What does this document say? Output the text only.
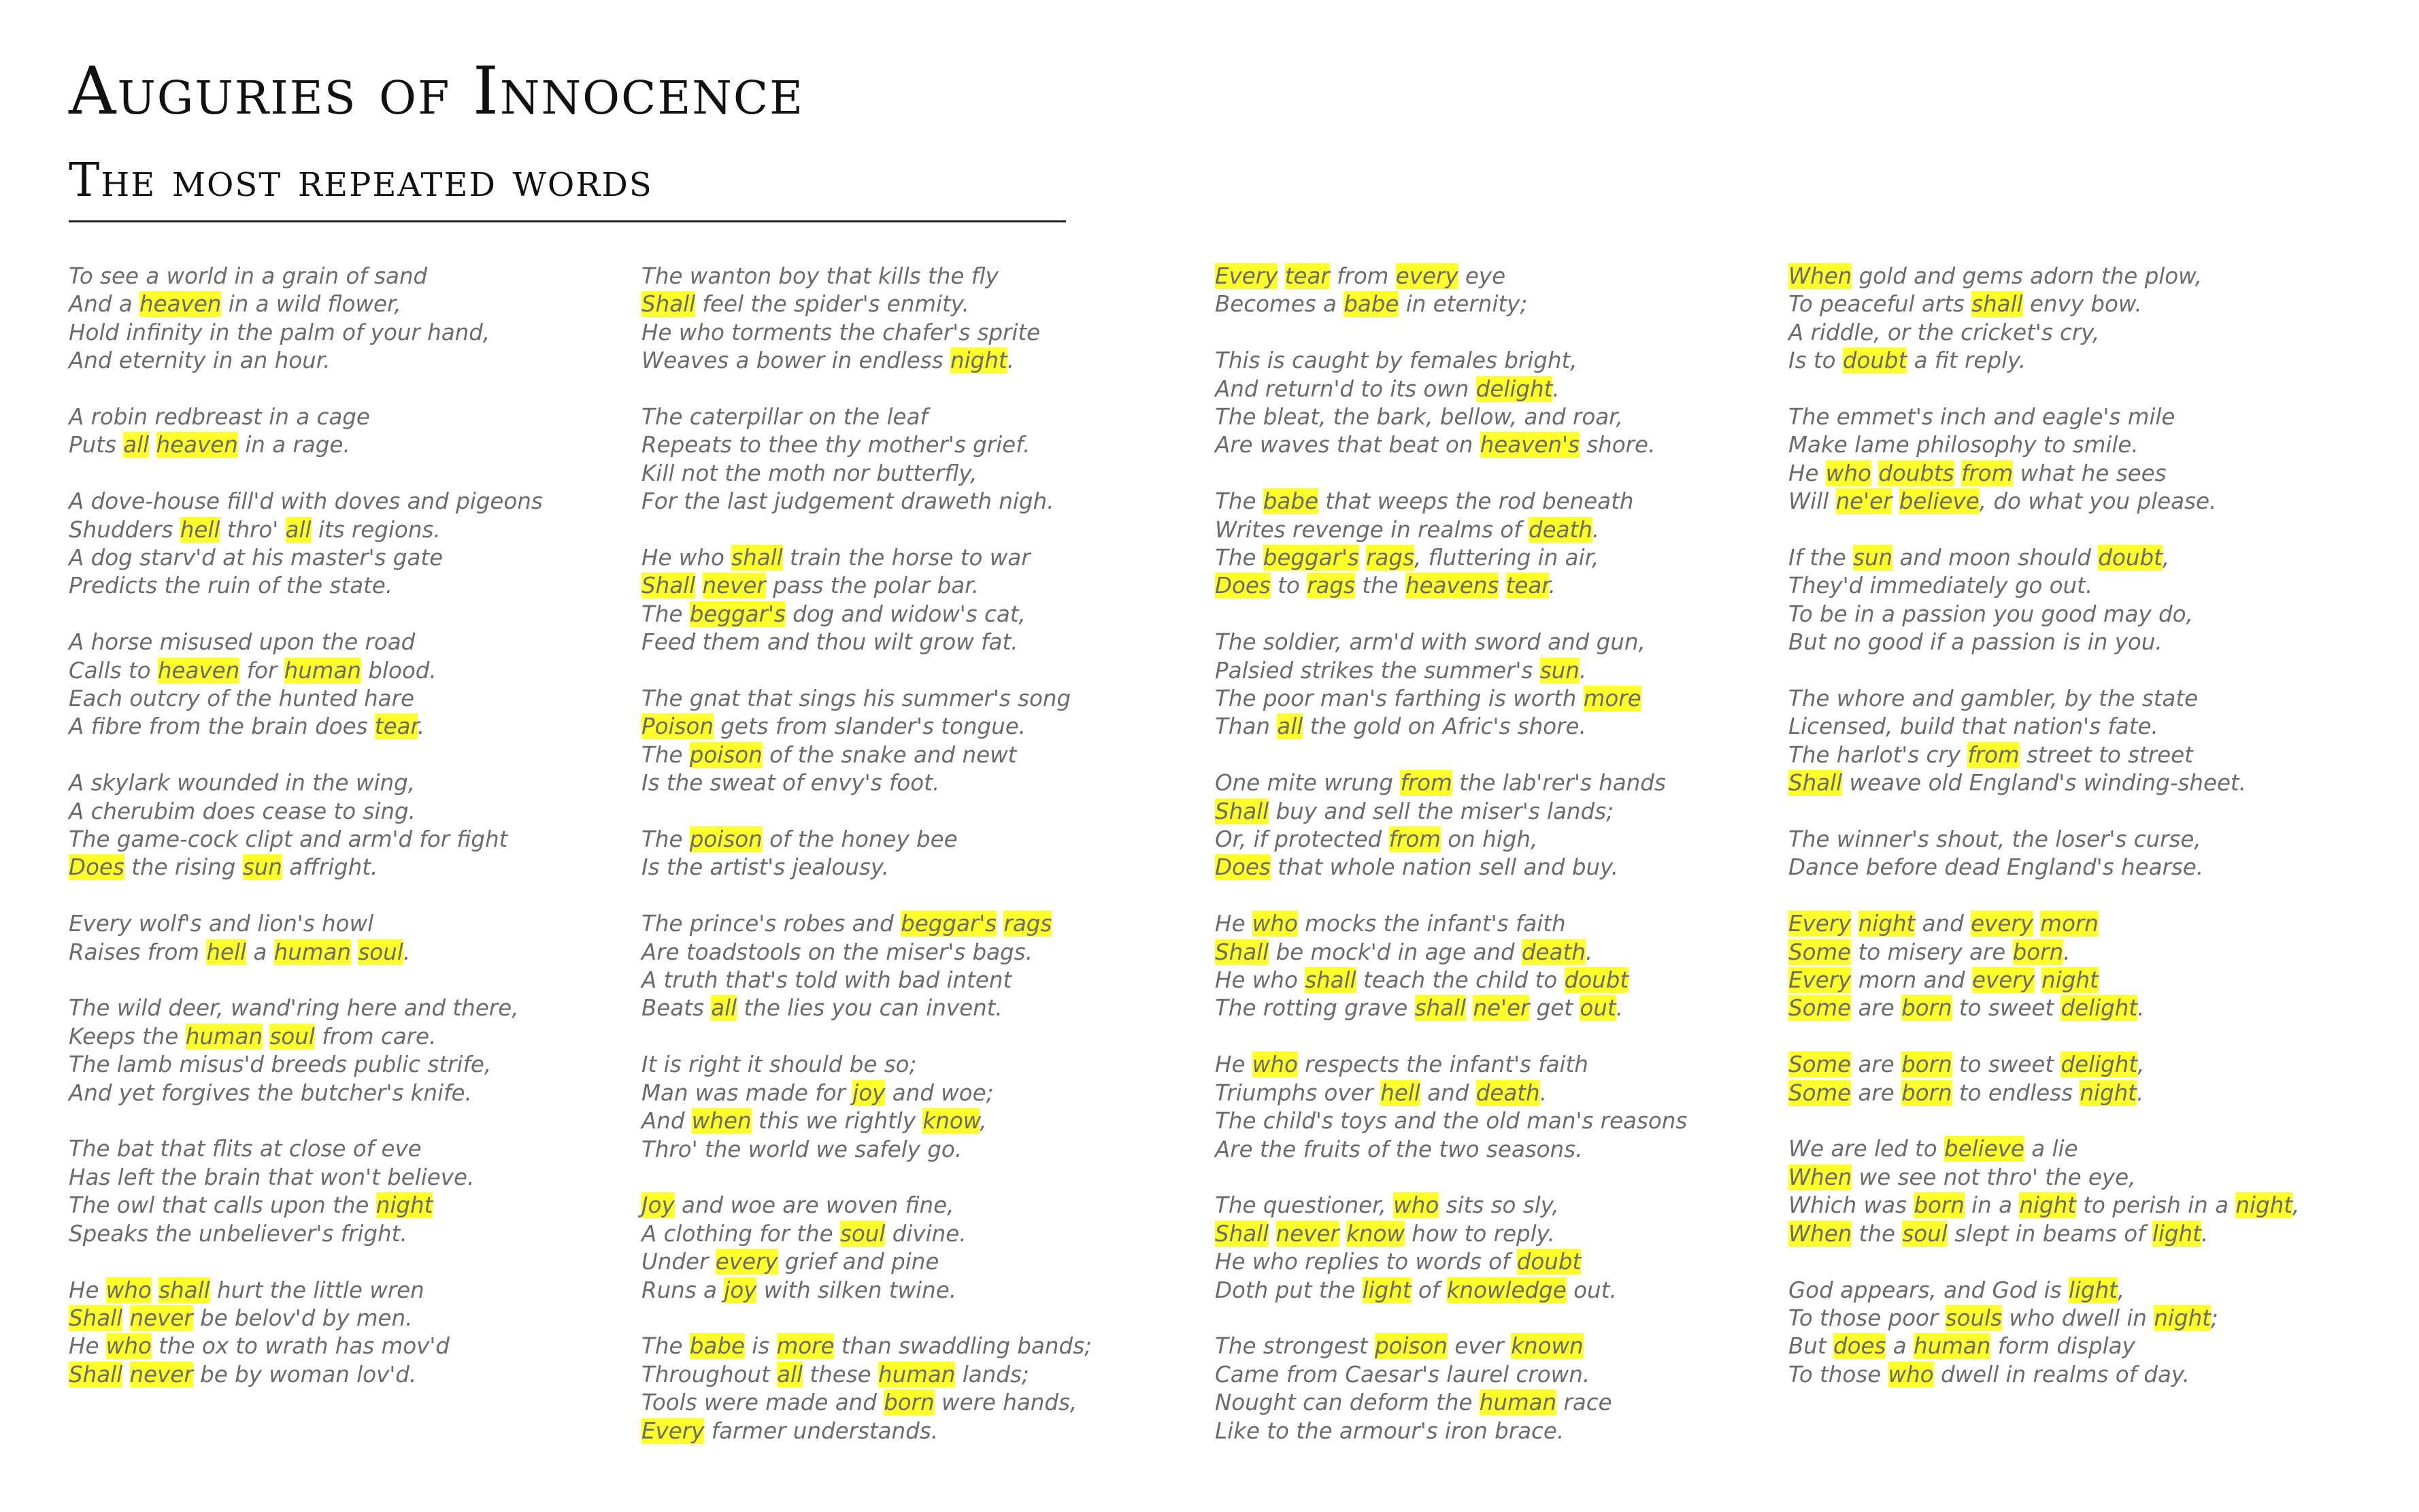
Auguries of Innocence
The most repeated words
To see a world in a grain of sand
And a heaven in a wild flower,
Hold infinity in the palm of your hand,
And eternity in an hour.
A robin redbreast in a cage
Puts all heaven in a rage.
A dove-house fill'd with doves and pigeons
Shudders hell thro' all its regions.
A dog starv'd at his master's gate
Predicts the ruin of the state.
A horse misused upon the road
Calls to heaven for human blood.
Each outcry of the hunted hare
A fibre from the brain does tear.
A skylark wounded in the wing,
A cherubim does cease to sing.
The game-cock clipt and arm'd for fight
Does the rising sun affright.
Every wolf's and lion's howl
Raises from hell a human soul.
The wild deer, wand'ring here and there,
Keeps the human soul from care.
The lamb misus'd breeds public strife,
And yet forgives the butcher's knife.
The bat that flits at close of eve
Has left the brain that won't believe.
The owl that calls upon the night
Speaks the unbeliever's fright.
He who shall hurt the little wren
Shall never be belov'd by men.
He who the ox to wrath has mov'd
Shall never be by woman lov'd.
The wanton boy that kills the fly
Shall feel the spider's enmity.
He who torments the chafer's sprite
Weaves a bower in endless night.
The caterpillar on the leaf
Repeats to thee thy mother's grief.
Kill not the moth nor butterfly,
For the last judgement draweth nigh.
He who shall train the horse to war
Shall never pass the polar bar.
The beggar's dog and widow's cat,
Feed them and thou wilt grow fat.
The gnat that sings his summer's song
Poison gets from slander's tongue.
The poison of the snake and newt
Is the sweat of envy's foot.
The poison of the honey bee
Is the artist's jealousy.
The prince's robes and beggar's rags
Are toadstools on the miser's bags.
A truth that's told with bad intent
Beats all the lies you can invent.
It is right it should be so;
Man was made for joy and woe;
And when this we rightly know,
Thro' the world we safely go.
Joy and woe are woven fine,
A clothing for the soul divine.
Under every grief and pine
Runs a joy with silken twine.
The babe is more than swaddling bands;
Throughout all these human lands;
Tools were made and born were hands,
Every farmer understands.
Every tear from every eye
Becomes a babe in eternity;
This is caught by females bright,
And return'd to its own delight.
The bleat, the bark, bellow, and roar,
Are waves that beat on heaven's shore.
The babe that weeps the rod beneath
Writes revenge in realms of death.
The beggar's rags, fluttering in air,
Does to rags the heavens tear.
The soldier, arm'd with sword and gun,
Palsied strikes the summer's sun.
The poor man's farthing is worth more
Than all the gold on Afric's shore.
One mite wrung from the lab'rer's hands
Shall buy and sell the miser's lands;
Or, if protected from on high,
Does that whole nation sell and buy.
He who mocks the infant's faith
Shall be mock'd in age and death.
He who shall teach the child to doubt
The rotting grave shall ne'er get out.
He who respects the infant's faith
Triumphs over hell and death.
The child's toys and the old man's reasons
Are the fruits of the two seasons.
The questioner, who sits so sly,
Shall never know how to reply.
He who replies to words of doubt
Doth put the light of knowledge out.
The strongest poison ever known
Came from Caesar's laurel crown.
Nought can deform the human race
Like to the armour's iron brace.
When gold and gems adorn the plow,
To peaceful arts shall envy bow.
A riddle, or the cricket's cry,
Is to doubt a fit reply.
The emmet's inch and eagle's mile
Make lame philosophy to smile.
He who doubts from what he sees
Will ne'er believe, do what you please.
If the sun and moon should doubt,
They'd immediately go out.
To be in a passion you good may do,
But no good if a passion is in you.
The whore and gambler, by the state
Licensed, build that nation's fate.
The harlot's cry from street to street
Shall weave old England's winding-sheet.
The winner's shout, the loser's curse,
Dance before dead England's hearse.
Every night and every morn
Some to misery are born.
Every morn and every night
Some are born to sweet delight.
Some are born to sweet delight,
Some are born to endless night.
We are led to believe a lie
When we see not thro' the eye,
Which was born in a night to perish in a night,
When the soul slept in beams of light.
God appears, and God is light,
To those poor souls who dwell in night;
But does a human form display
To those who dwell in realms of day.
